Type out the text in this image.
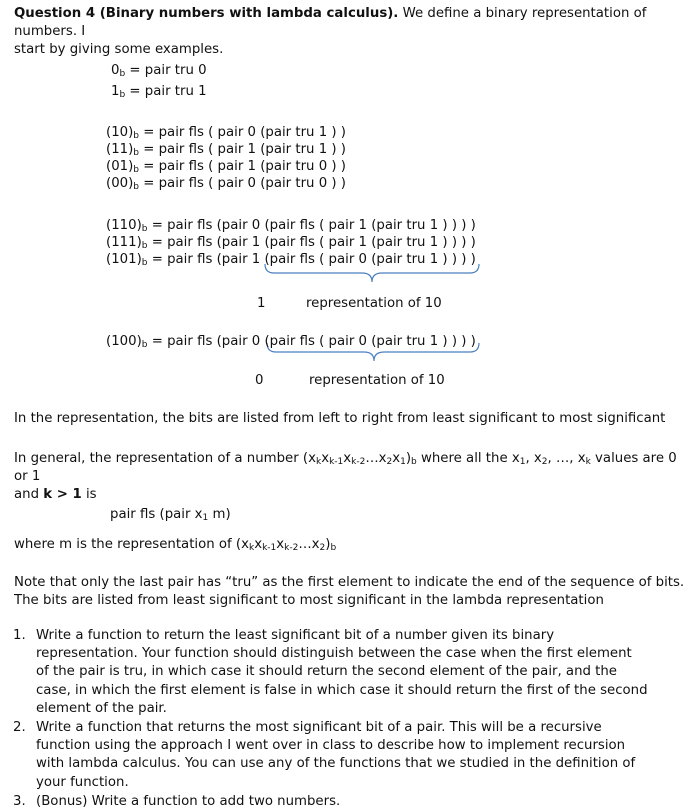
Question 4 (Binary numbers with lambda calculus). We define a binary representation of numbers. I
start by giving some examples.
$0_b$ = pair tru 0
$1_b$ = pair tru 1
$(10)_b$ = pair fls ( pair 0 (pair tru 1 ) )
$(11)_b$ = pair fls ( pair 1 (pair tru 1 ) )
$(01)_b$ = pair fls ( pair 1 (pair tru 0 ) )
$(00)_b$ = pair fls ( pair 0 (pair tru 0 ) )
$(110)_b$ = pair fls (pair 0 (pair fls ( pair 1 (pair tru 1 ) ) ) )
$(111)_b$ = pair fls (pair 1 (pair fls ( pair 1 (pair tru 1 ) ) ) )
$(101)_b$ = pair fls (pair 1 (pair fls ( pair 0 (pair tru 1 ) ) ) )
1	representation of 10
$(100)_b$ = pair fls (pair 0 (pair fls ( pair 0 (pair tru 1 ) ) ) )
0	representation of 10
In the representation, the bits are listed from left to right from least significant to most significant
In general, the representation of a number $(x_kx_{k-1}x_{k-2}\dots x_2x_1)_b$ where all the $x_1$, $x_2$, …, $x_k$ values are 0 or 1
and k > 1 is
pair fls (pair $x_1$ m)
where m is the representation of $(x_kx_{k-1}x_{k-2}\dots x_2)_b$
Note that only the last pair has “tru” as the first element to indicate the end of the sequence of bits.
The bits are listed from least significant to most significant in the lambda representation
1. Write a function to return the least significant bit of a number given its binary representation. Your function should distinguish between the case when the first element of the pair is tru, in which case it should return the second element of the pair, and the case, in which the first element is false in which case it should return the first of the second element of the pair.
2. Write a function that returns the most significant bit of a pair. This will be a recursive function using the approach I went over in class to describe how to implement recursion with lambda calculus. You can use any of the functions that we studied in the definition of your function.
3. (Bonus) Write a function to add two numbers.
